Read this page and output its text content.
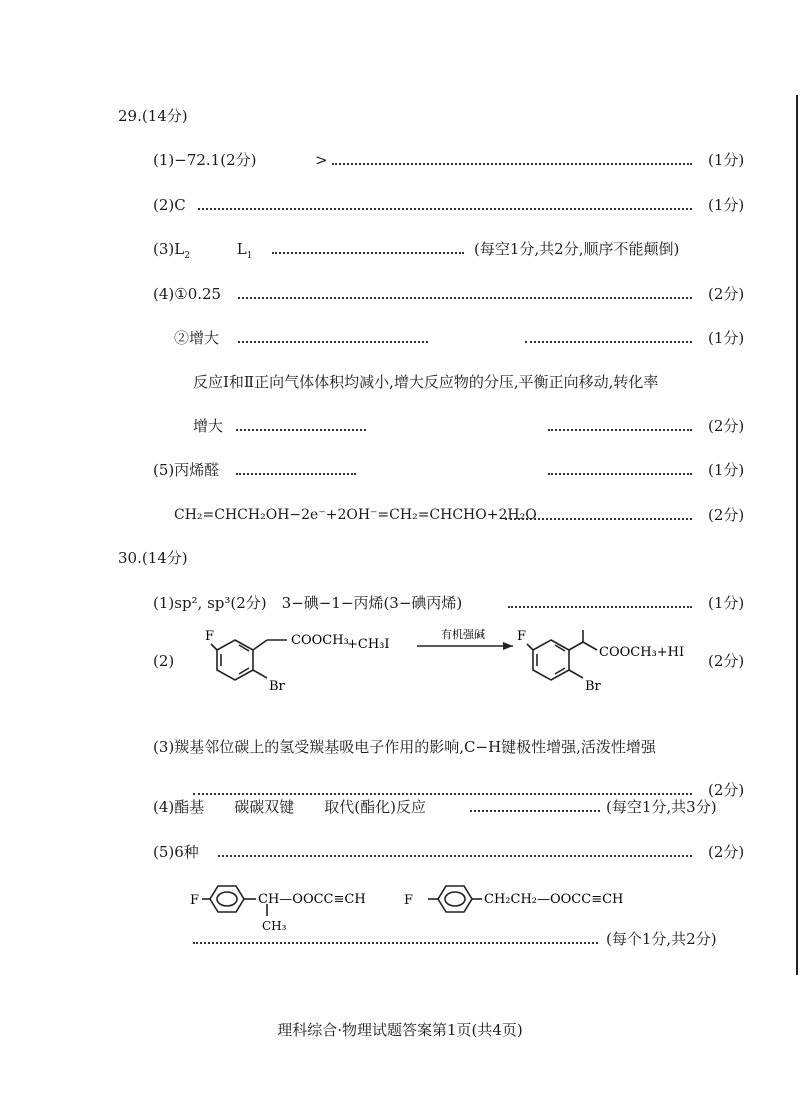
29.(14分)
(1)−72.1(2分)	>	(1分)
(2)C	(1分)
$(3)L_2$	$L_1$	(每空1分,共2分,顺序不能颠倒)
(4)①0.25	(2分)
②增大	(1分)
反应Ⅰ和Ⅱ正向气体体积均减小,增大反应物的分压,平衡正向移动,转化率
增大	(2分)
(5)丙烯醛	(1分)
CH₂=CHCH₂OH−2e⁻+2OH⁻=CH₂=CHCHO+2H₂O	(2分)
30.(14分)
(1)sp², sp³(2分)　3−碘−1−丙烯(3−碘丙烯)	(1分)
(2)
F	COOCH₃
+CH₃I
Br
有机强碱 F
COOCH₃+HI
Br
(2分)
(3)羰基邻位碳上的氢受羰基吸电子作用的影响,C−H键极性增强,活泼性增强
(2分)
(4)酯基　　碳碳双键　　取代(酯化)反应	(每空1分,共3分)
(5)6种	(2分)
F	CH—OOCC≡CH
CH₃
F	CH₂CH₂—OOCC≡CH
(每个1分,共2分)
理科综合·物理试题答案第1页(共4页)
